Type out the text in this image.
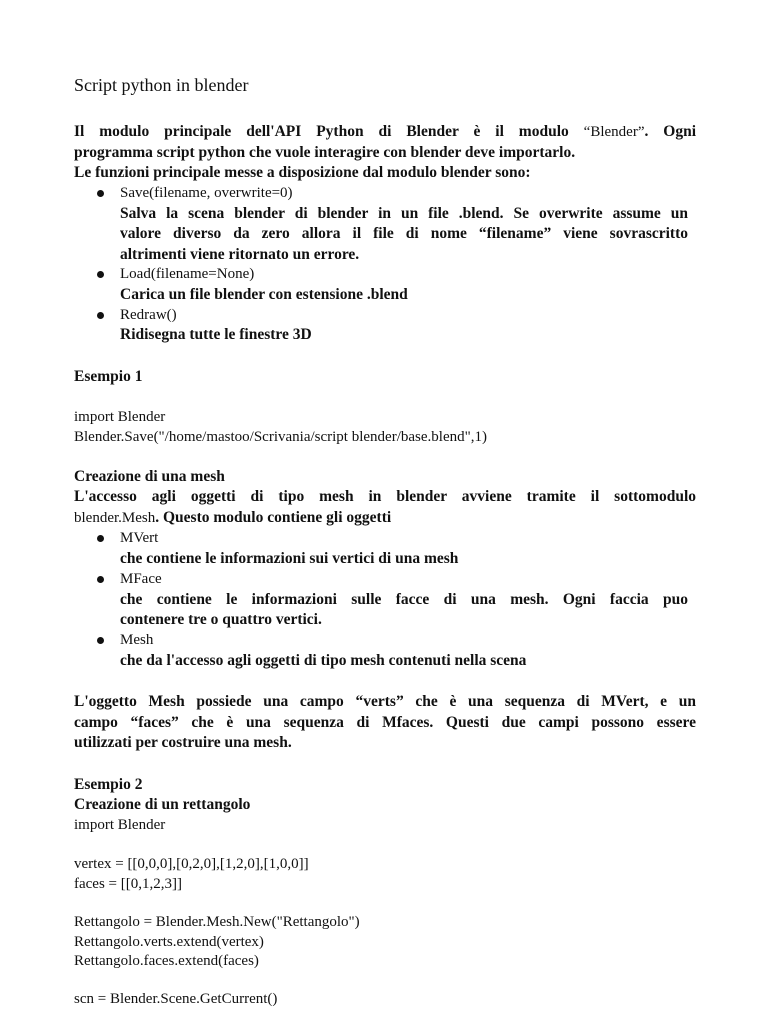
Script python in blender
Il modulo principale dell'API Python di Blender è il modulo “Blender”. Ogni
programma script python che vuole interagire con blender deve importarlo.
Le funzioni principale messe a disposizione dal modulo blender sono:
Save(filename, overwrite=0)
Salva la scena blender di blender in un file .blend. Se overwrite assume un
valore diverso da zero allora il file di nome “filename” viene sovrascritto
altrimenti viene ritornato un errore.
Load(filename=None)
Carica un file blender con estensione .blend
Redraw()
Ridisegna tutte le finestre 3D
Esempio 1
import Blender
Blender.Save("/home/mastoo/Scrivania/script blender/base.blend",1)
Creazione di una mesh
L'accesso agli oggetti di tipo mesh in blender avviene tramite il sottomodulo
blender.Mesh. Questo modulo contiene gli oggetti
MVert
che contiene le informazioni sui vertici di una mesh
MFace
che contiene le informazioni sulle facce di una mesh. Ogni faccia puo
contenere tre o quattro vertici.
Mesh
che da l'accesso agli oggetti di tipo mesh contenuti nella scena
L'oggetto Mesh possiede una campo “verts” che è una sequenza di MVert, e un
campo “faces” che è una sequenza di Mfaces. Questi due campi possono essere
utilizzati per costruire una mesh.
Esempio 2
Creazione di un rettangolo
import Blender
vertex = [[0,0,0],[0,2,0],[1,2,0],[1,0,0]]
faces = [[0,1,2,3]]
Rettangolo = Blender.Mesh.New("Rettangolo")
Rettangolo.verts.extend(vertex)
Rettangolo.faces.extend(faces)
scn = Blender.Scene.GetCurrent()
